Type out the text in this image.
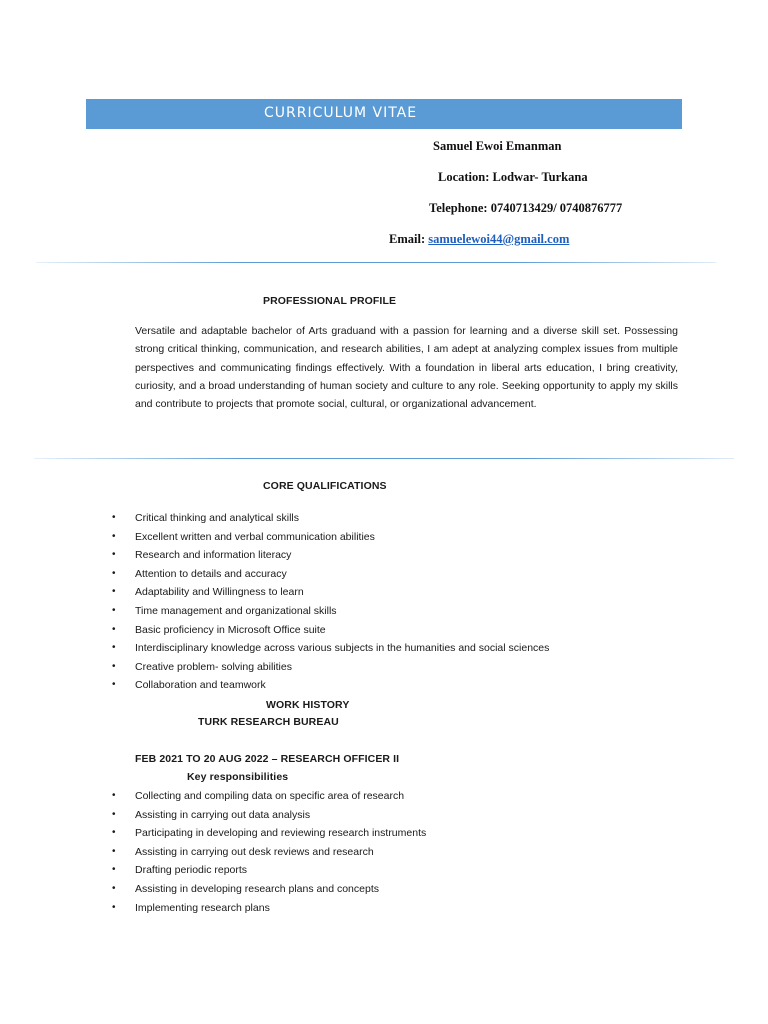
CURRICULUM VITAE
Samuel Ewoi Emanman
Location: Lodwar- Turkana
Telephone: 0740713429/ 0740876777
Email: samuelewoi44@gmail.com
PROFESSIONAL PROFILE

Versatile and adaptable bachelor of Arts graduand with a passion for learning and a diverse skill set. Possessing strong critical thinking, communication, and research abilities, I am adept at analyzing complex issues from multiple perspectives and communicating findings effectively. With a foundation in liberal arts education, I bring creativity, curiosity, and a broad understanding of human society and culture to any role. Seeking opportunity to apply my skills and contribute to projects that promote social, cultural, or organizational advancement.

CORE QUALIFICATIONS
• Critical thinking and analytical skills
• Excellent written and verbal communication abilities
• Research and information literacy
• Attention to details and accuracy
• Adaptability and Willingness to learn
• Time management and organizational skills
• Basic proficiency in Microsoft Office suite
• Interdisciplinary knowledge across various subjects in the humanities and social sciences
• Creative problem- solving abilities
• Collaboration and teamwork
WORK HISTORY
TURK RESEARCH BUREAU
FEB 2021 TO 20 AUG 2022 – RESEARCH OFFICER II
Key responsibilities
• Collecting and compiling data on specific area of research
• Assisting in carrying out data analysis
• Participating in developing and reviewing research instruments
• Assisting in carrying out desk reviews and research
• Drafting periodic reports
• Assisting in developing research plans and concepts
• Implementing research plans
